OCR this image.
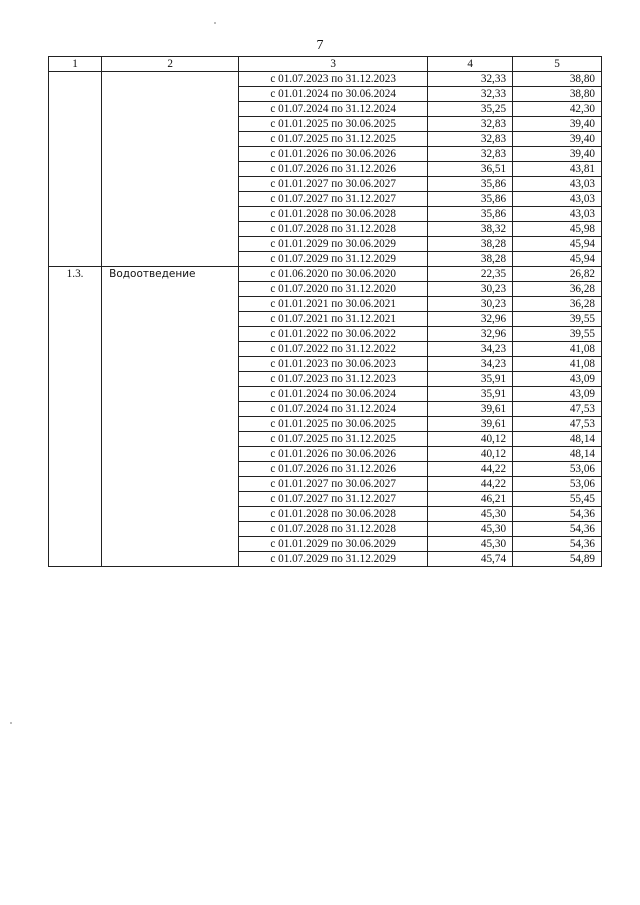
7
1	2	3	4	5
		с 01.07.2023 по 31.12.2023	32,33	38,80
		с 01.01.2024 по 30.06.2024	32,33	38,80
		с 01.07.2024 по 31.12.2024	35,25	42,30
		с 01.01.2025 по 30.06.2025	32,83	39,40
		с 01.07.2025 по 31.12.2025	32,83	39,40
		с 01.01.2026 по 30.06.2026	32,83	39,40
		с 01.07.2026 по 31.12.2026	36,51	43,81
		с 01.01.2027 по 30.06.2027	35,86	43,03
		с 01.07.2027 по 31.12.2027	35,86	43,03
		с 01.01.2028 по 30.06.2028	35,86	43,03
		с 01.07.2028 по 31.12.2028	38,32	45,98
		с 01.01.2029 по 30.06.2029	38,28	45,94
		с 01.07.2029 по 31.12.2029	38,28	45,94
1.3.	Водоотведение	с 01.06.2020 по 30.06.2020	22,35	26,82
		с 01.07.2020 по 31.12.2020	30,23	36,28
		с 01.01.2021 по 30.06.2021	30,23	36,28
		с 01.07.2021 по 31.12.2021	32,96	39,55
		с 01.01.2022 по 30.06.2022	32,96	39,55
		с 01.07.2022 по 31.12.2022	34,23	41,08
		с 01.01.2023 по 30.06.2023	34,23	41,08
		с 01.07.2023 по 31.12.2023	35,91	43,09
		с 01.01.2024 по 30.06.2024	35,91	43,09
		с 01.07.2024 по 31.12.2024	39,61	47,53
		с 01.01.2025 по 30.06.2025	39,61	47,53
		с 01.07.2025 по 31.12.2025	40,12	48,14
		с 01.01.2026 по 30.06.2026	40,12	48,14
		с 01.07.2026 по 31.12.2026	44,22	53,06
		с 01.01.2027 по 30.06.2027	44,22	53,06
		с 01.07.2027 по 31.12.2027	46,21	55,45
		с 01.01.2028 по 30.06.2028	45,30	54,36
		с 01.07.2028 по 31.12.2028	45,30	54,36
		с 01.01.2029 по 30.06.2029	45,30	54,36
		с 01.07.2029 по 31.12.2029	45,74	54,89
